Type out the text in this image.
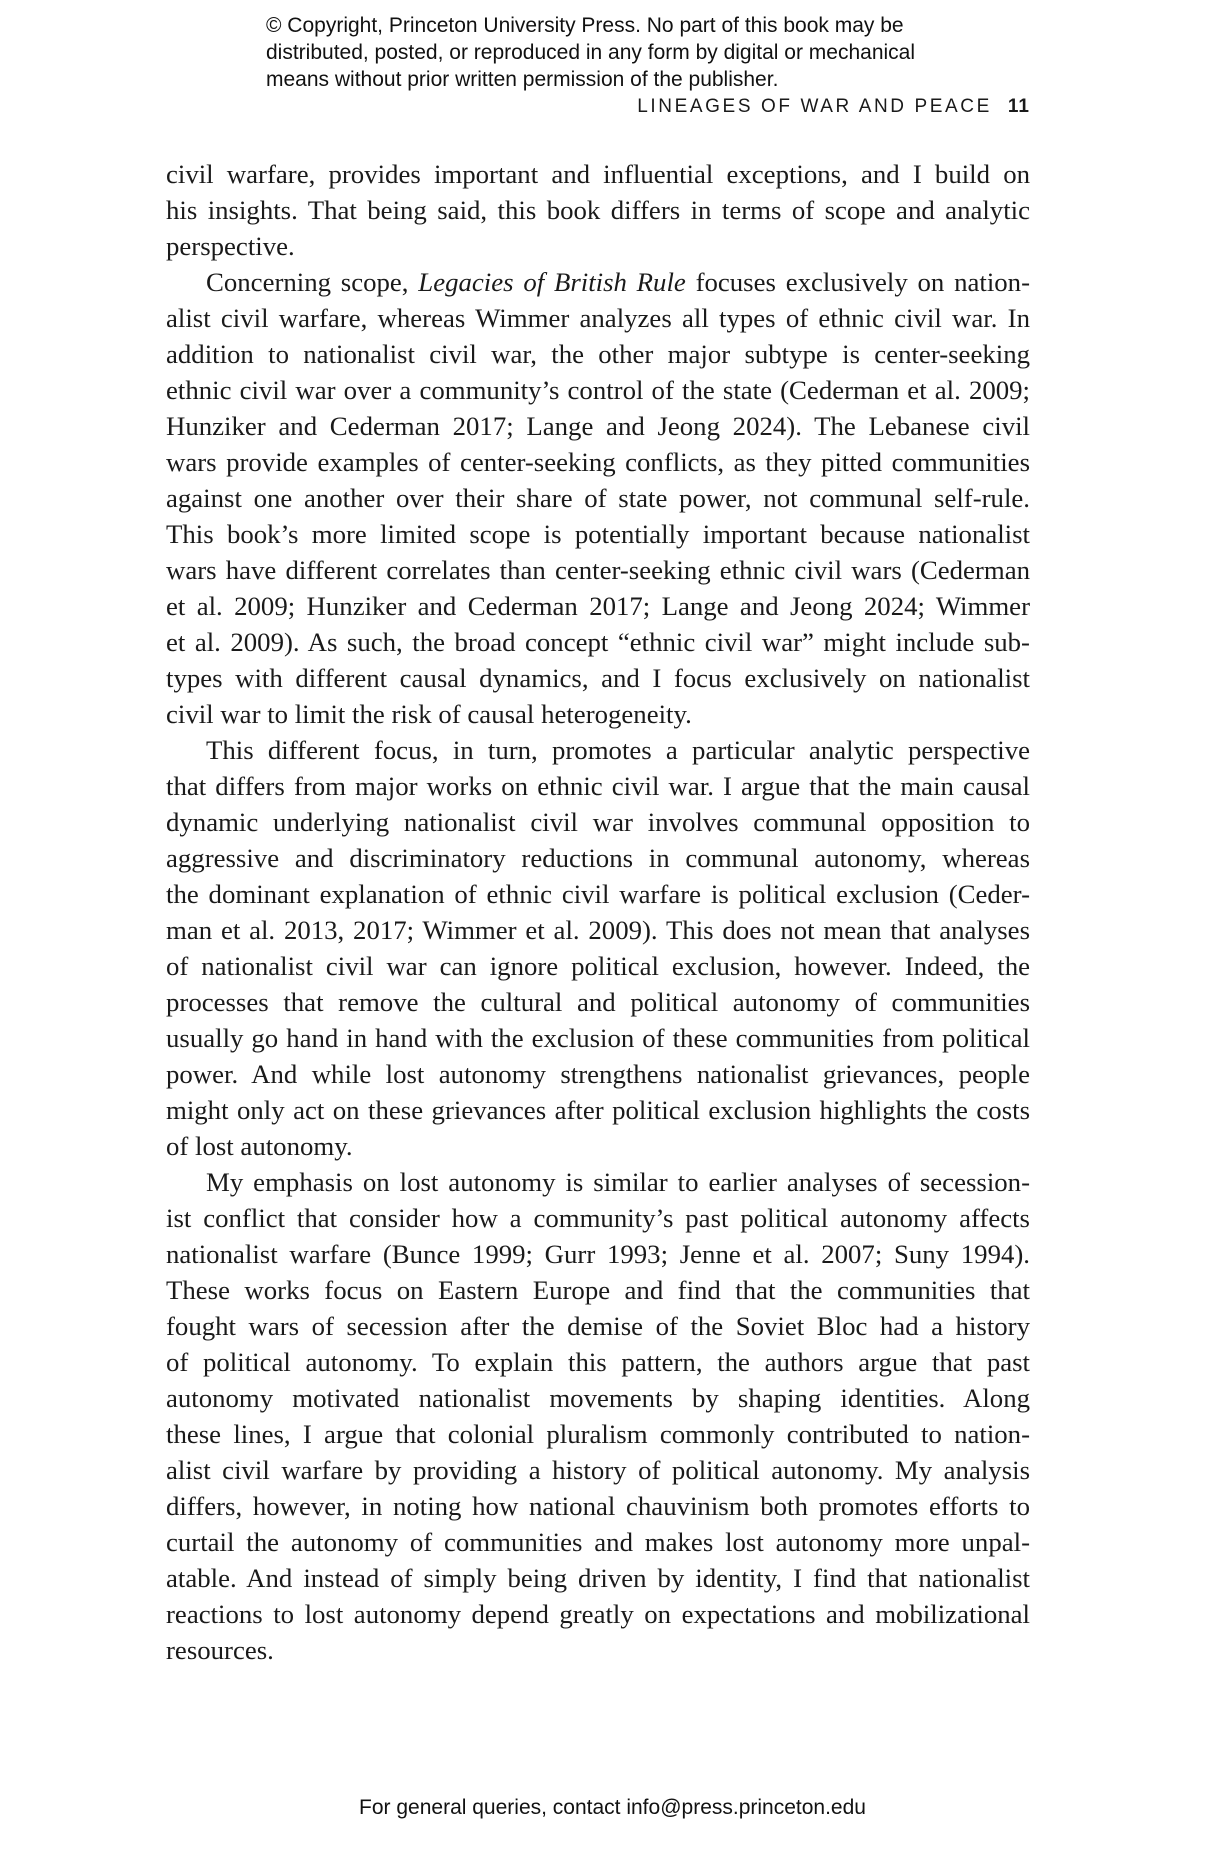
© Copyright, Princeton University Press. No part of this book may be
distributed, posted, or reproduced in any form by digital or mechanical
means without prior written permission of the publisher.
LINEAGES OF WAR AND PEACE 11
civil warfare, provides important and influential exceptions, and I build on
his insights. That being said, this book differs in terms of scope and analytic
perspective.
Concerning scope, Legacies of British Rule focuses exclusively on nation-
alist civil warfare, whereas Wimmer analyzes all types of ethnic civil war. In
addition to nationalist civil war, the other major subtype is center-seeking
ethnic civil war over a community’s control of the state (Cederman et al. 2009;
Hunziker and Cederman 2017; Lange and Jeong 2024). The Lebanese civil
wars provide examples of center-seeking conflicts, as they pitted communities
against one another over their share of state power, not communal self-rule.
This book’s more limited scope is potentially important because nationalist
wars have different correlates than center-seeking ethnic civil wars (Cederman
et al. 2009; Hunziker and Cederman 2017; Lange and Jeong 2024; Wimmer
et al. 2009). As such, the broad concept “ethnic civil war” might include sub-
types with different causal dynamics, and I focus exclusively on nationalist
civil war to limit the risk of causal heterogeneity.
This different focus, in turn, promotes a particular analytic perspective
that differs from major works on ethnic civil war. I argue that the main causal
dynamic underlying nationalist civil war involves communal opposition to
aggressive and discriminatory reductions in communal autonomy, whereas
the dominant explanation of ethnic civil warfare is political exclusion (Ceder-
man et al. 2013, 2017; Wimmer et al. 2009). This does not mean that analyses
of nationalist civil war can ignore political exclusion, however. Indeed, the
processes that remove the cultural and political autonomy of communities
usually go hand in hand with the exclusion of these communities from political
power. And while lost autonomy strengthens nationalist grievances, people
might only act on these grievances after political exclusion highlights the costs
of lost autonomy.
My emphasis on lost autonomy is similar to earlier analyses of secession-
ist conflict that consider how a community’s past political autonomy affects
nationalist warfare (Bunce 1999; Gurr 1993; Jenne et al. 2007; Suny 1994).
These works focus on Eastern Europe and find that the communities that
fought wars of secession after the demise of the Soviet Bloc had a history
of political autonomy. To explain this pattern, the authors argue that past
autonomy motivated nationalist movements by shaping identities. Along
these lines, I argue that colonial pluralism commonly contributed to nation-
alist civil warfare by providing a history of political autonomy. My analysis
differs, however, in noting how national chauvinism both promotes efforts to
curtail the autonomy of communities and makes lost autonomy more unpal-
atable. And instead of simply being driven by identity, I find that nationalist
reactions to lost autonomy depend greatly on expectations and mobilizational
resources.
For general queries, contact info@press.princeton.edu
